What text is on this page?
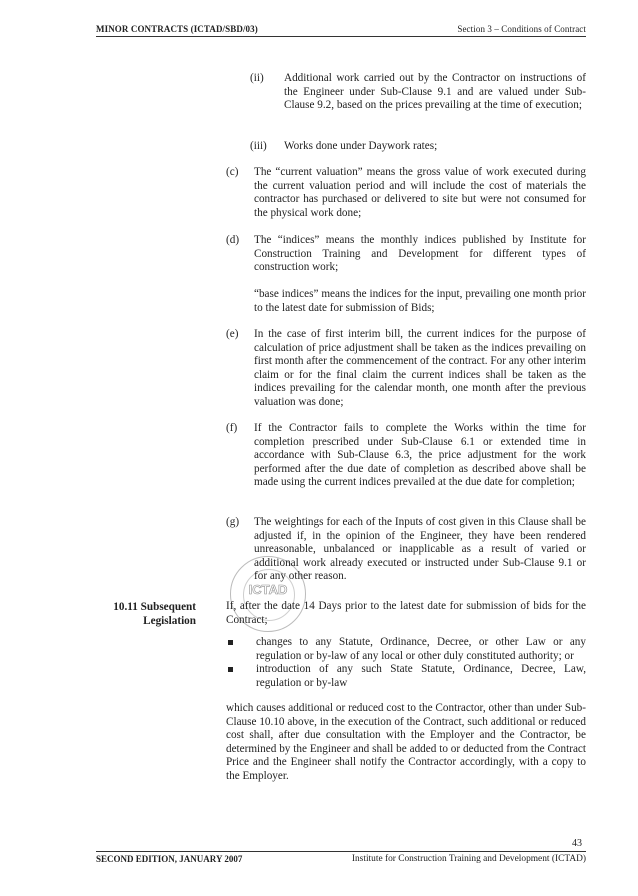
MINOR CONTRACTS (ICTAD/SBD/03)	Section 3 – Conditions of Contract
(ii) Additional work carried out by the Contractor on instructions of the Engineer under Sub-Clause 9.1 and are valued under Sub-Clause 9.2, based on the prices prevailing at the time of execution;
(iii) Works done under Daywork rates;
(c)	The “current valuation” means the gross value of work executed during the current valuation period and will include the cost of materials the contractor has purchased or delivered to site but were not consumed for the physical work done;
(d)	The “indices” means the monthly indices published by Institute for Construction Training and Development for different types of construction work;
“base indices” means the indices for the input, prevailing one month prior to the latest date for submission of Bids;
(e)	In the case of first interim bill, the current indices for the purpose of calculation of price adjustment shall be taken as the indices prevailing on first month after the commencement of the contract. For any other interim claim or for the final claim the current indices shall be taken as the indices prevailing for the calendar month, one month after the previous valuation was done;
(f)	If the Contractor fails to complete the Works within the time for completion prescribed under Sub-Clause 6.1 or extended time in accordance with Sub-Clause 6.3, the price adjustment for the work performed after the due date of completion as described above shall be made using the current indices prevailed at the due date for completion;
(g)	The weightings for each of the Inputs of cost given in this Clause shall be adjusted if, in the opinion of the Engineer, they have been rendered unreasonable, unbalanced or inapplicable as a result of varied or additional work already executed or instructed under Sub-Clause 9.1 or for any other reason.
10.11 Subsequent Legislation
If, after the date 14 Days prior to the latest date for submission of bids for the Contract;
changes to any Statute, Ordinance, Decree, or other Law or any regulation or by-law of any local or other duly constituted authority; or
introduction of any such State Statute, Ordinance, Decree, Law, regulation or by-law
which causes additional or reduced cost to the Contractor, other than under Sub-Clause 10.10 above, in the execution of the Contract, such additional or reduced cost shall, after due consultation with the Employer and the Contractor, be determined by the Engineer and shall be added to or deducted from the Contract Price and the Engineer shall notify the Contractor accordingly, with a copy to the Employer.
ICTAD
43
SECOND EDITION, JANUARY 2007	Institute for Construction Training and Development (ICTAD)
